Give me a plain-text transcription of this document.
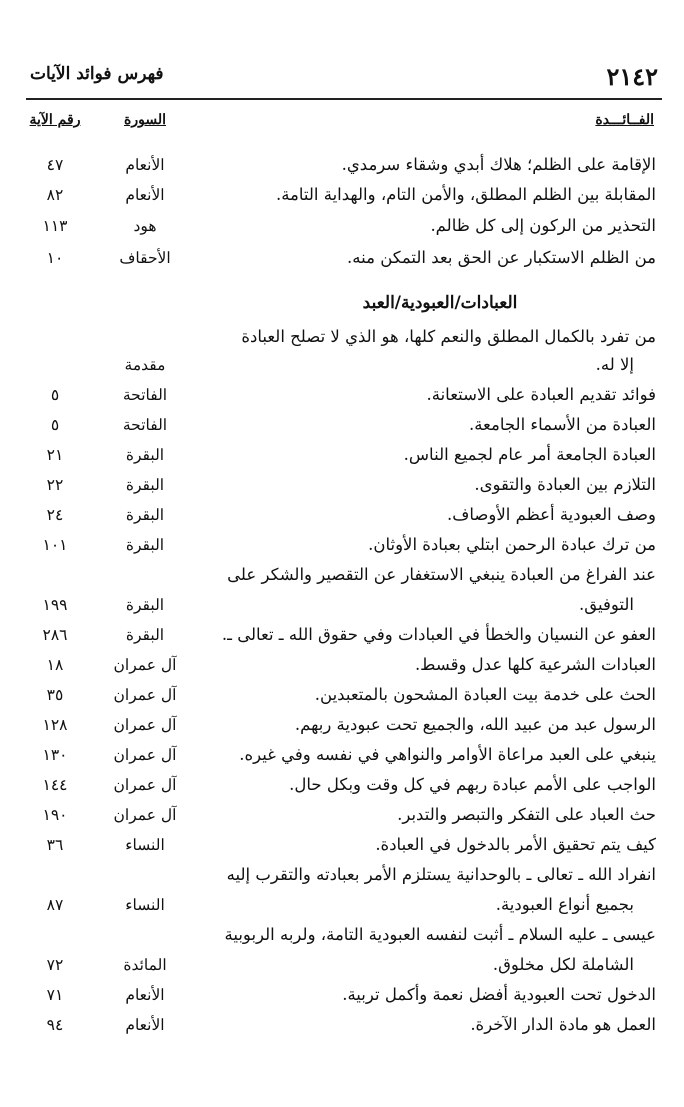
٢١٤٢
فهرس فوائد الآيات
الفــائـــدة
السورة
رقم الآية
العبادات/العبودية/العبد
الإقامة على الظلم؛ هلاك أبدي وشقاء سرمدي.
الأنعام
٤٧
المقابلة بين الظلم المطلق، والأمن التام، والهداية التامة.
الأنعام
٨٢
التحذير من الركون إلى كل ظالم.
هود
١١٣
من الظلم الاستكبار عن الحق بعد التمكن منه.
الأحقاف
١٠
من تفرد بالكمال المطلق والنعم كلها، هو الذي لا تصلح العبادة
إلا له.
مقدمة
فوائد تقديم العبادة على الاستعانة.
الفاتحة
٥
العبادة من الأسماء الجامعة.
الفاتحة
٥
العبادة الجامعة أمر عام لجميع الناس.
البقرة
٢١
التلازم بين العبادة والتقوى.
البقرة
٢٢
وصف العبودية أعظم الأوصاف.
البقرة
٢٤
من ترك عبادة الرحمن ابتلي بعبادة الأوثان.
البقرة
١٠١
عند الفراغ من العبادة ينبغي الاستغفار عن التقصير والشكر على
التوفيق.
البقرة
١٩٩
العفو عن النسيان والخطأ في العبادات وفي حقوق الله ـ تعالى ـ.
البقرة
٢٨٦
العبادات الشرعية كلها عدل وقسط.
آل عمران
١٨
الحث على خدمة بيت العبادة المشحون بالمتعبدين.
آل عمران
٣٥
الرسول عبد من عبيد الله، والجميع تحت عبودية ربهم.
آل عمران
١٢٨
ينبغي على العبد مراعاة الأوامر والنواهي في نفسه وفي غيره.
آل عمران
١٣٠
الواجب على الأمم عبادة ربهم في كل وقت وبكل حال.
آل عمران
١٤٤
حث العباد على التفكر والتبصر والتدبر.
آل عمران
١٩٠
كيف يتم تحقيق الأمر بالدخول في العبادة.
النساء
٣٦
انفراد الله ـ تعالى ـ بالوحدانية يستلزم الأمر بعبادته والتقرب إليه
بجميع أنواع العبودية.
النساء
٨٧
عيسى ـ عليه السلام ـ أثبت لنفسه العبودية التامة، ولربه الربوبية
الشاملة لكل مخلوق.
المائدة
٧٢
الدخول تحت العبودية أفضل نعمة وأكمل تربية.
الأنعام
٧١
العمل هو مادة الدار الآخرة.
الأنعام
٩٤
